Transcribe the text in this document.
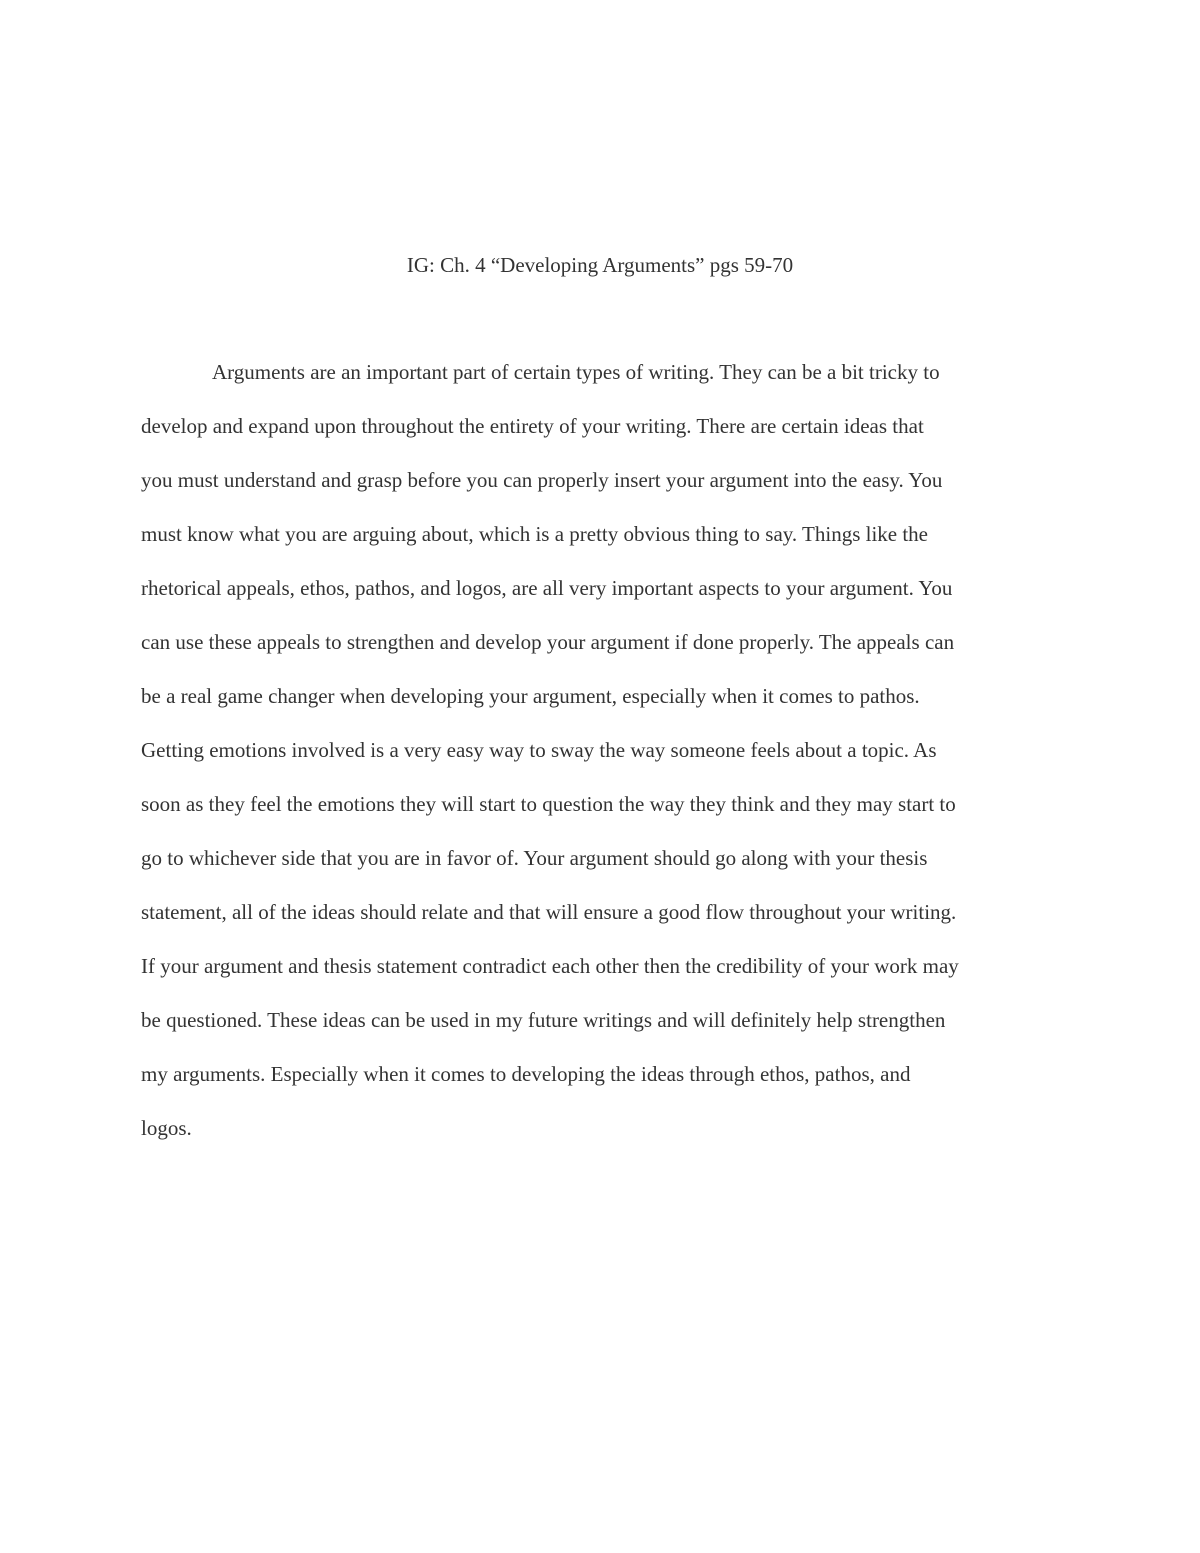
IG: Ch. 4 “Developing Arguments” pgs 59-70
Arguments are an important part of certain types of writing. They can be a bit tricky to
develop and expand upon throughout the entirety of your writing. There are certain ideas that
you must understand and grasp before you can properly insert your argument into the easy. You
must know what you are arguing about, which is a pretty obvious thing to say. Things like the
rhetorical appeals, ethos, pathos, and logos, are all very important aspects to your argument. You
can use these appeals to strengthen and develop your argument if done properly. The appeals can
be a real game changer when developing your argument, especially when it comes to pathos.
Getting emotions involved is a very easy way to sway the way someone feels about a topic. As
soon as they feel the emotions they will start to question the way they think and they may start to
go to whichever side that you are in favor of. Your argument should go along with your thesis
statement, all of the ideas should relate and that will ensure a good flow throughout your writing.
If your argument and thesis statement contradict each other then the credibility of your work may
be questioned. These ideas can be used in my future writings and will definitely help strengthen
my arguments. Especially when it comes to developing the ideas through ethos, pathos, and
logos.
